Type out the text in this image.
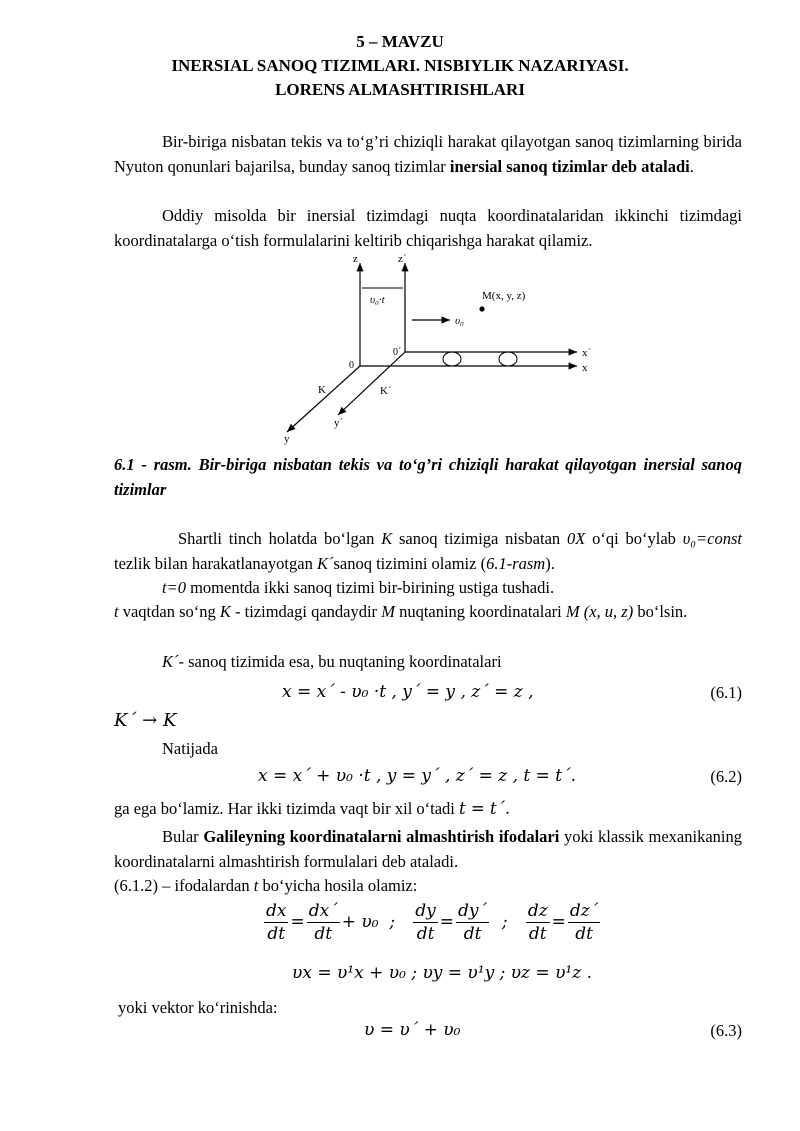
5 – MAVZU
INERSIAL SANOQ TIZIMLARI. NISBIYLIK NAZARIYASI.
LORENS ALMASHTIRISHLARI
Bir-biriga nisbatan tekis va to‘g’ri chiziqli harakat qilayotgan sanoq tizimlarning birida Nyuton qonunlari bajarilsa, bunday sanoq tizimlar inersial sanoq tizimlar deb ataladi.
Oddiy misolda bir inersial tizimdagi nuqta koordinatalaridan ikkinchi tizimdagi koordinatalarga o‘tish formulalarini keltirib chiqarishga harakat qilamiz.
z	z´
υ₀·t	M(x, y, z)
υ₀
0
0´	x´
x
K	K´
y
y´
6.1 - rasm. Bir-biriga nisbatan tekis va to‘g’ri chiziqli harakat qilayotgan inersial sanoq tizimlar
Shartli tinch holatda bo‘lgan K sanoq tizimiga nisbatan 0X o‘qi bo‘ylab υ₀=const tezlik bilan harakatlanayotgan K´sanoq tizimini olamiz (6.1-rasm).
t=0 momentda ikki sanoq tizimi bir-birining ustiga tushadi.
t vaqtdan so‘ng K - tizimdagi qandaydir M nuqtaning koordinatalari M (x, u, z) bo‘lsin.
K´- sanoq tizimida esa, bu nuqtaning koordinatalari
x = x´ - υ₀ ·t , y´ = y , z´ = z ,	(6.1)
K´ → K
Natijada
x = x´ + υ₀ ·t , y = y´ , z´ = z , t = t´.	(6.2)
ga ega bo‘lamiz. Har ikki tizimda vaqt bir xil o‘tadi t = t´.
Bular Galileyning koordinatalarni almashtirish ifodalari yoki klassik mexanikaning koordinatalarni almashtirish formulalari deb ataladi.
(6.1.2) – ifodalardan t bo‘yicha hosila olamiz:
$\frac{dx}{dt} = \frac{dx´}{dt} + \upsilon_0$ ; $\frac{dy}{dt} = \frac{dy´}{dt}$ ; $\frac{dz}{dt} = \frac{dz´}{dt}$
υx = υ¹x + υ₀ ; υy = υ¹y ; υz = υ¹z .
yoki vektor ko‘rinishda:
υ = υ´ + υ₀	(6.3)
